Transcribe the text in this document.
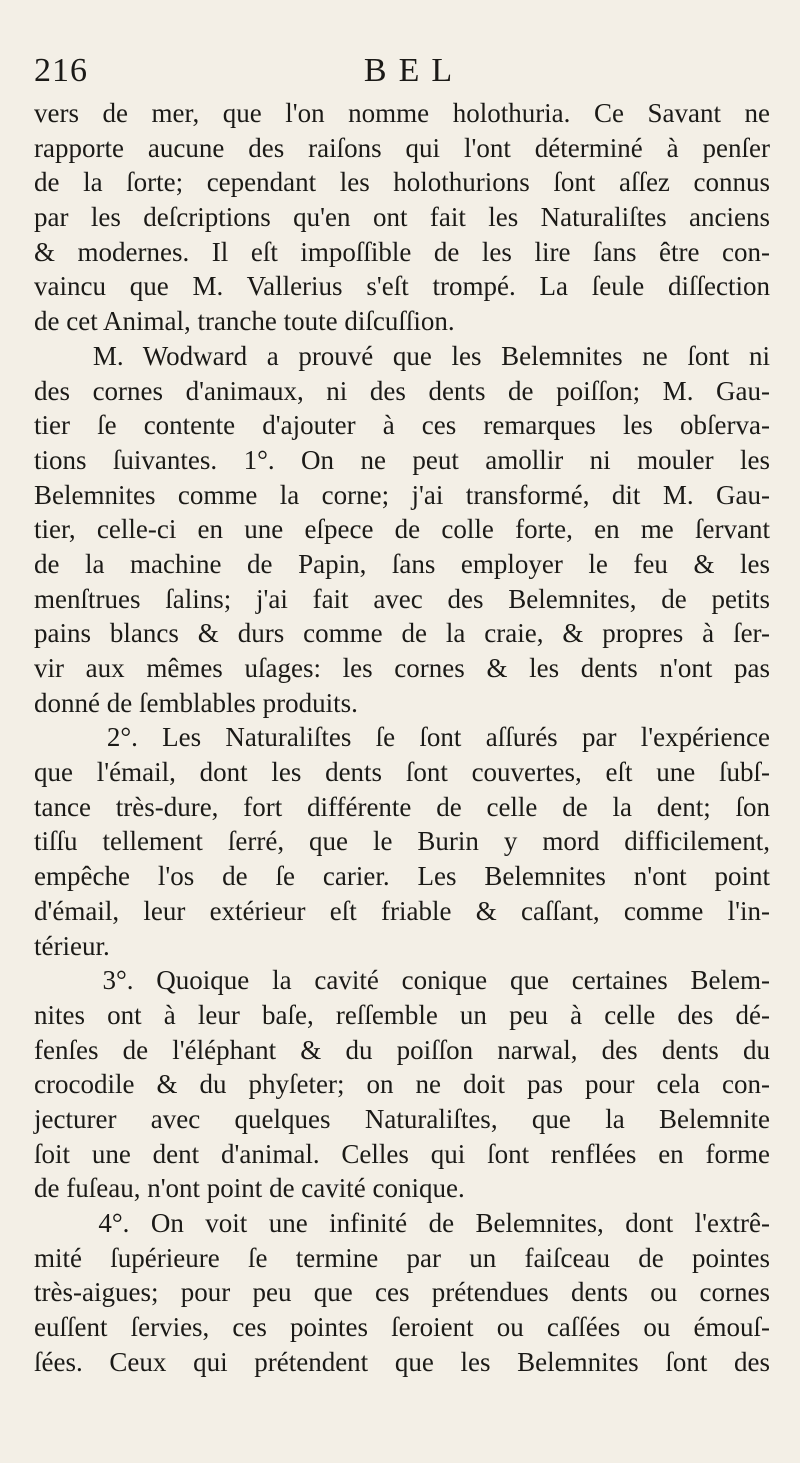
216	BEL
vers de mer, que l'on nomme holothuria. Ce Savant ne
rapporte aucune des raiſons qui l'ont déterminé à penſer
de la ſorte; cependant les holothurions ſont aſſez connus
par les deſcriptions qu'en ont fait les Naturaliſtes anciens
& modernes. Il eſt impoſſible de les lire ſans être con-
vaincu que M. Vallerius s'eſt trompé. La ſeule diſſection
de cet Animal, tranche toute diſcuſſion.
M. Wodward a prouvé que les Belemnites ne ſont ni
des cornes d'animaux, ni des dents de poiſſon; M. Gau-
tier ſe contente d'ajouter à ces remarques les obſerva-
tions ſuivantes. 1°. On ne peut amollir ni mouler les
Belemnites comme la corne; j'ai transformé, dit M. Gau-
tier, celle-ci en une eſpece de colle forte, en me ſervant
de la machine de Papin, ſans employer le feu & les
menſtrues ſalins; j'ai fait avec des Belemnites, de petits
pains blancs & durs comme de la craie, & propres à ſer-
vir aux mêmes uſages: les cornes & les dents n'ont pas
donné de ſemblables produits.
2°. Les Naturaliſtes ſe ſont aſſurés par l'expérience
que l'émail, dont les dents ſont couvertes, eſt une ſubſ-
tance très-dure, fort différente de celle de la dent; ſon
tiſſu tellement ſerré, que le Burin y mord difficilement,
empêche l'os de ſe carier. Les Belemnites n'ont point
d'émail, leur extérieur eſt friable & caſſant, comme l'in-
térieur.
3°. Quoique la cavité conique que certaines Belem-
nites ont à leur baſe, reſſemble un peu à celle des dé-
fenſes de l'éléphant & du poiſſon narwal, des dents du
crocodile & du phyſeter; on ne doit pas pour cela con-
jecturer avec quelques Naturaliſtes, que la Belemnite
ſoit une dent d'animal. Celles qui ſont renflées en forme
de fuſeau, n'ont point de cavité conique.
4°. On voit une infinité de Belemnites, dont l'extrê-
mité ſupérieure ſe termine par un faiſceau de pointes
très-aigues; pour peu que ces prétendues dents ou cornes
euſſent ſervies, ces pointes ſeroient ou caſſées ou émouſ-
ſées. Ceux qui prétendent que les Belemnites ſont des
